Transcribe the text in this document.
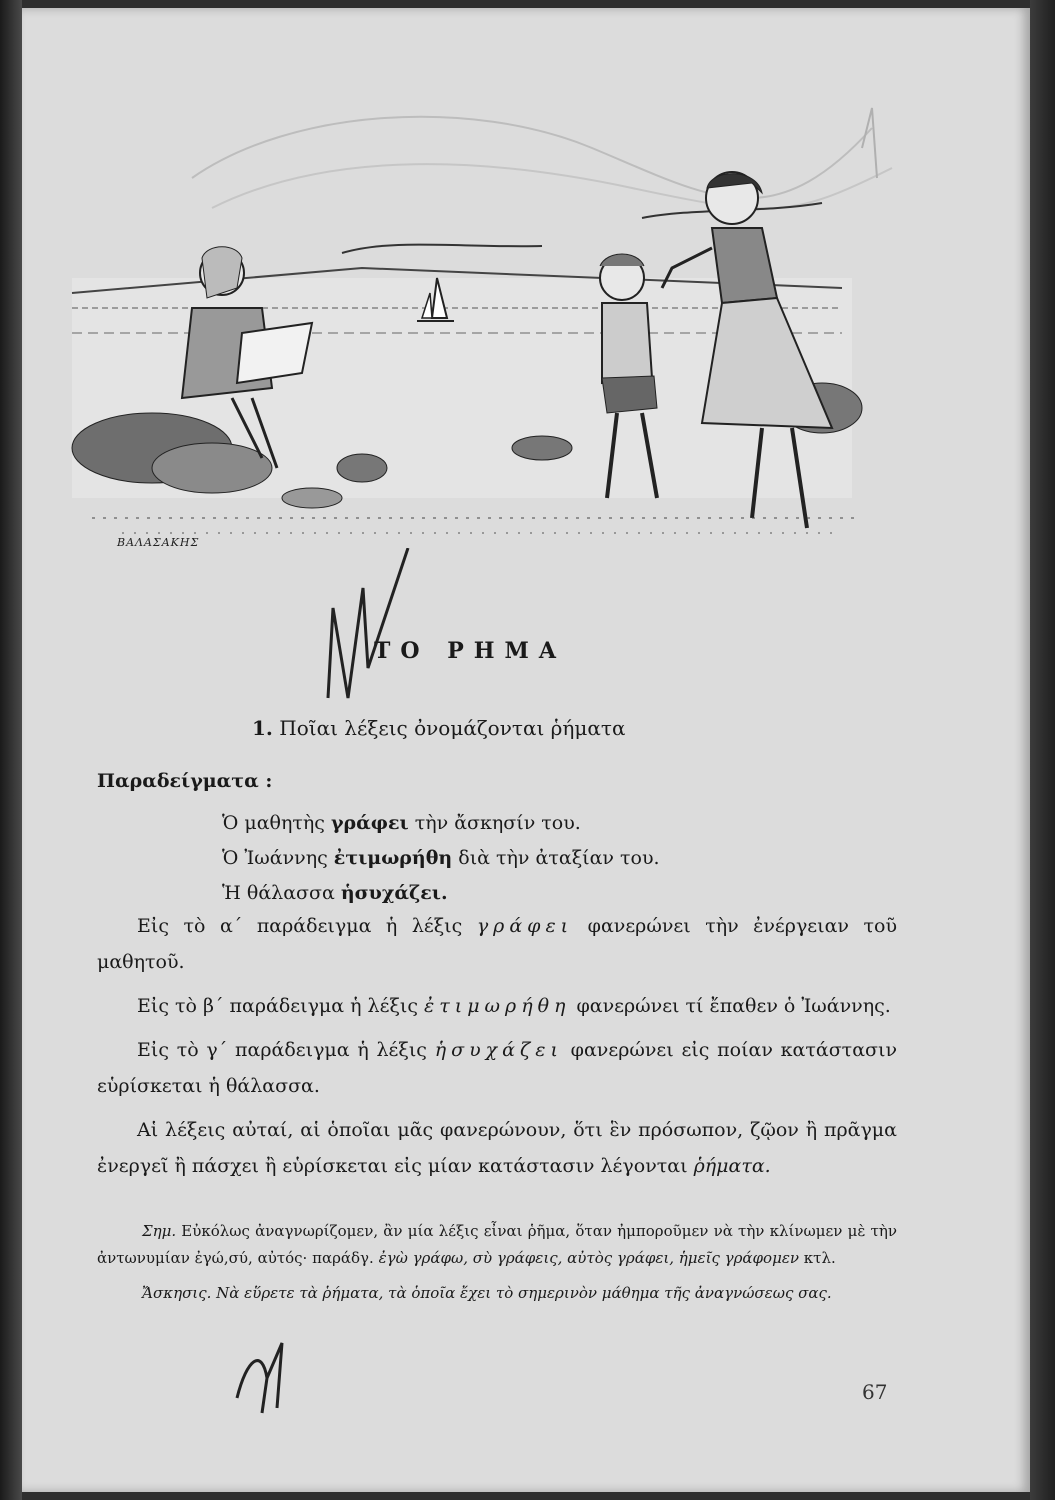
ΒΑΛΑΣΑΚΗΣ
ΤΟ ΡΗΜΑ
1. Ποῖαι λέξεις ὀνομάζονται ῥήματα
Παραδείγματα :
Ὁ μαθητὴς γράφει τὴν ἄσκησίν του.
Ὁ Ἰωάννης ἐτιμωρήθη διὰ τὴν ἀταξίαν του.
Ἡ θάλασσα ἡσυχάζει.

Εἰς τὸ α΄ παράδειγμα ἡ λέξις γράφει φανερώνει τὴν ἐνέργειαν τοῦ μαθητοῦ.

Εἰς τὸ β΄ παράδειγμα ἡ λέξις ἐτιμωρήθη φανερώνει τί ἔπαθεν ὁ Ἰωάννης.

Εἰς τὸ γ΄ παράδειγμα ἡ λέξις ἡσυχάζει φανερώνει εἰς ποίαν κατάστασιν εὑρίσκεται ἡ θάλασσα.

Αἱ λέξεις αὐταί, αἱ ὁποῖαι μᾶς φανερώνουν, ὅτι ἓν πρόσωπον, ζῷον ἢ πρᾶγμα ἐνεργεῖ ἢ πάσχει ἢ εὑρίσκεται εἰς μίαν κατάστασιν λέγονται ῥήματα.

Σημ. Εὐκόλως ἀναγνωρίζομεν, ἂν μία λέξις εἶναι ῥῆμα, ὅταν ἠμποροῦμεν νὰ τὴν κλίνωμεν μὲ τὴν ἀντωνυμίαν ἐγώ,σύ, αὐτός· παράδγ. ἐγὼ γράφω, σὺ γράφεις, αὐτὸς γράφει, ἡμεῖς γράφομεν κτλ.

Ἄσκησις. Νὰ εὕρετε τὰ ῥήματα, τὰ ὁποῖα ἔχει τὸ σημερινὸν μάθημα τῆς ἀναγνώσεως σας.

67
